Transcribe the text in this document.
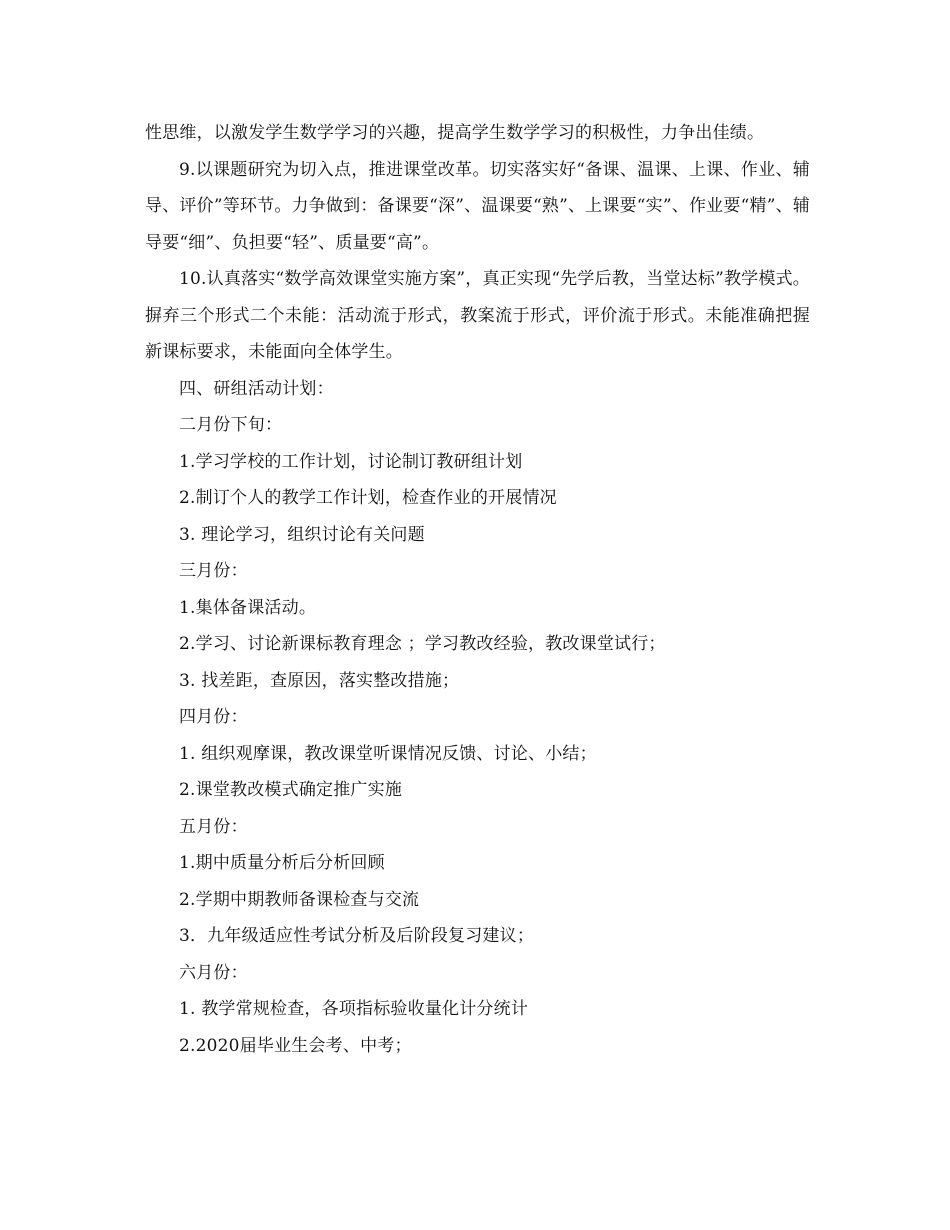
性思维，以激发学生数学学习的兴趣，提高学生数学学习的积极性，力争出佳绩。

9.以课题研究为切入点，推进课堂改革。切实落实好“备课、温课、上课、作业、辅导、评价”等环节。力争做到：备课要“深”、温课要“熟”、上课要“实”、作业要“精”、辅导要“细”、负担要“轻”、质量要“高”。

10.认真落实“数学高效课堂实施方案”，真正实现“先学后教，当堂达标”教学模式。摒弃三个形式二个未能：活动流于形式，教案流于形式，评价流于形式。未能准确把握新课标要求，未能面向全体学生。

四、研组活动计划：

二月份下旬：

1.学习学校的工作计划，讨论制订教研组计划

2.制订个人的教学工作计划，检查作业的开展情况

3. 理论学习，组织讨论有关问题

三月份：

1.集体备课活动。

2.学习、讨论新课标教育理念 ；学习教改经验，教改课堂试行；

3. 找差距，查原因，落实整改措施；

四月份：

1. 组织观摩课，教改课堂听课情况反馈、讨论、小结；

2.课堂教改模式确定推广实施

五月份：

1.期中质量分析后分析回顾

2.学期中期教师备课检查与交流

3．九年级适应性考试分析及后阶段复习建议；

六月份：

1. 教学常规检查，各项指标验收量化计分统计

2.2020届毕业生会考、中考；
